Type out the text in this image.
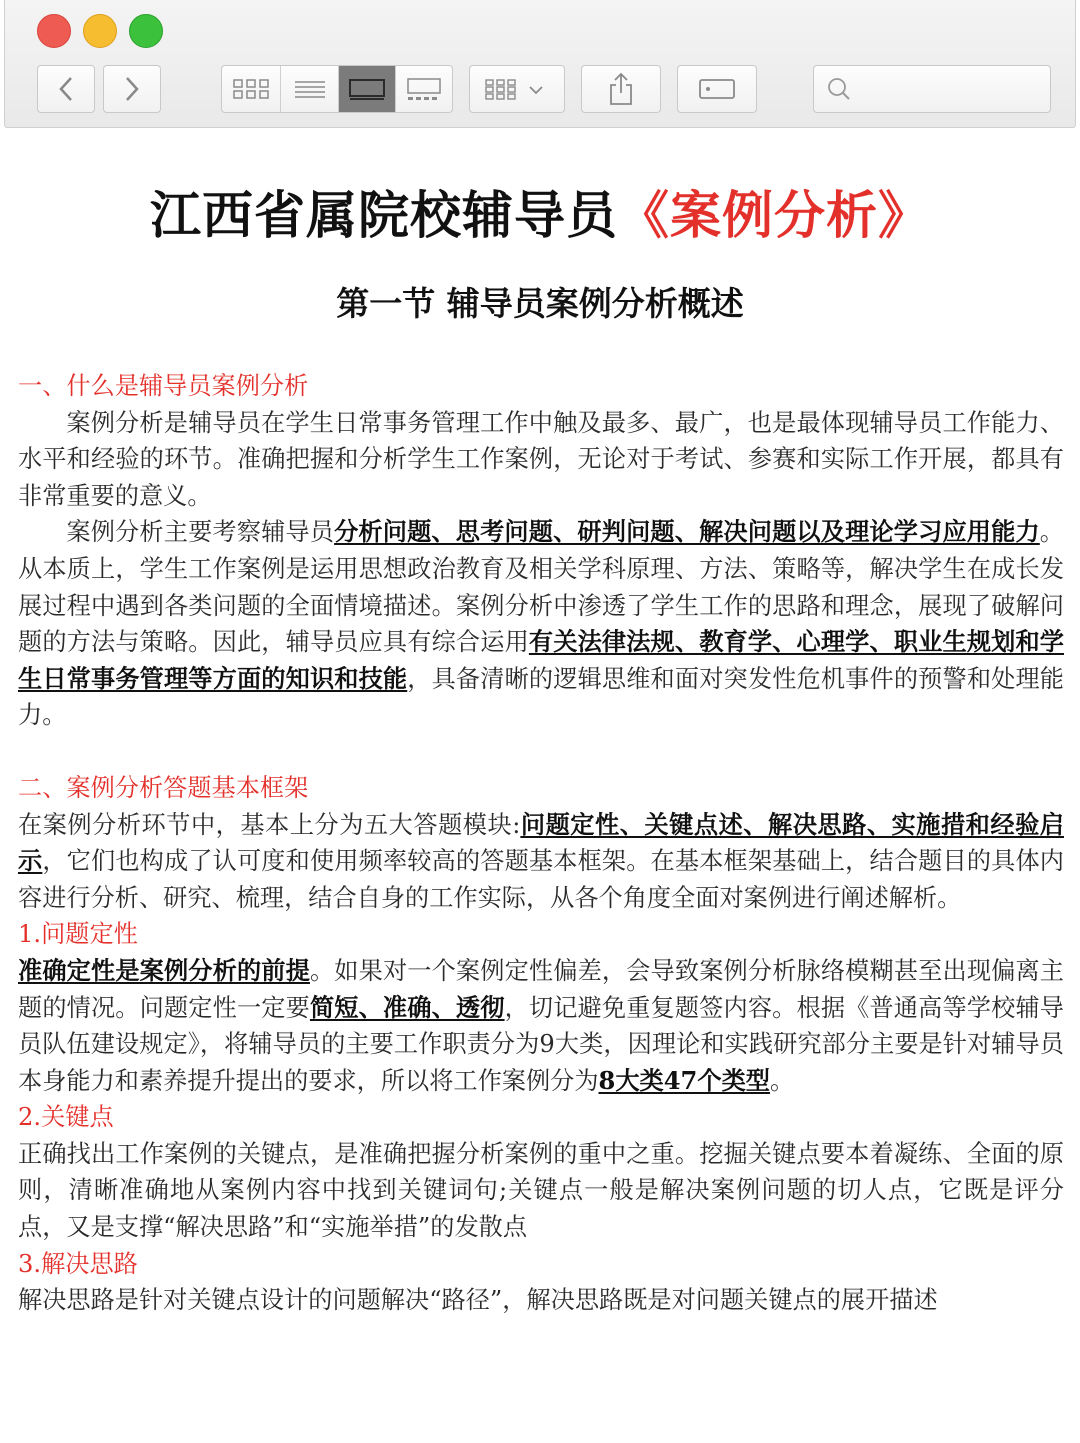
江西省属院校辅导员《案例分析》
第一节 辅导员案例分析概述

一、什么是辅导员案例分析

案例分析是辅导员在学生日常事务管理工作中触及最多、最广，也是最体现辅导员工作能力、水平和经验的环节。准确把握和分析学生工作案例，无论对于考试、参赛和实际工作开展，都具有非常重要的意义。

案例分析主要考察辅导员分析问题、思考问题、研判问题、解决问题以及理论学习应用能力。从本质上，学生工作案例是运用思想政治教育及相关学科原理、方法、策略等，解决学生在成长发展过程中遇到各类问题的全面情境描述。案例分析中渗透了学生工作的思路和理念，展现了破解问题的方法与策略。因此，辅导员应具有综合运用有关法律法规、教育学、心理学、职业生规划和学生日常事务管理等方面的知识和技能，具备清晰的逻辑思维和面对突发性危机事件的预警和处理能力。

二、案例分析答题基本框架

在案例分析环节中，基本上分为五大答题模块:问题定性、关键点述、解决思路、实施措和经验启示，它们也构成了认可度和使用频率较高的答题基本框架。在基本框架基础上，结合题目的具体内容进行分析、研究、梳理，结合自身的工作实际，从各个角度全面对案例进行阐述解析。

1.问题定性

准确定性是案例分析的前提。如果对一个案例定性偏差，会导致案例分析脉络模糊甚至出现偏离主题的情况。问题定性一定要简短、准确、透彻，切记避免重复题签内容。根据《普通高等学校辅导员队伍建设规定》，将辅导员的主要工作职责分为9大类，因理论和实践研究部分主要是针对辅导员本身能力和素养提升提出的要求，所以将工作案例分为8大类47个类型。

2.关键点

正确找出工作案例的关键点，是准确把握分析案例的重中之重。挖掘关键点要本着凝练、全面的原则，清晰准确地从案例内容中找到关键词句;关键点一般是解决案例问题的切人点，它既是评分点，又是支撑“解决思路”和“实施举措”的发散点

3.解决思路

解决思路是针对关键点设计的问题解决“路径”，解决思路既是对问题关键点的展开描述
